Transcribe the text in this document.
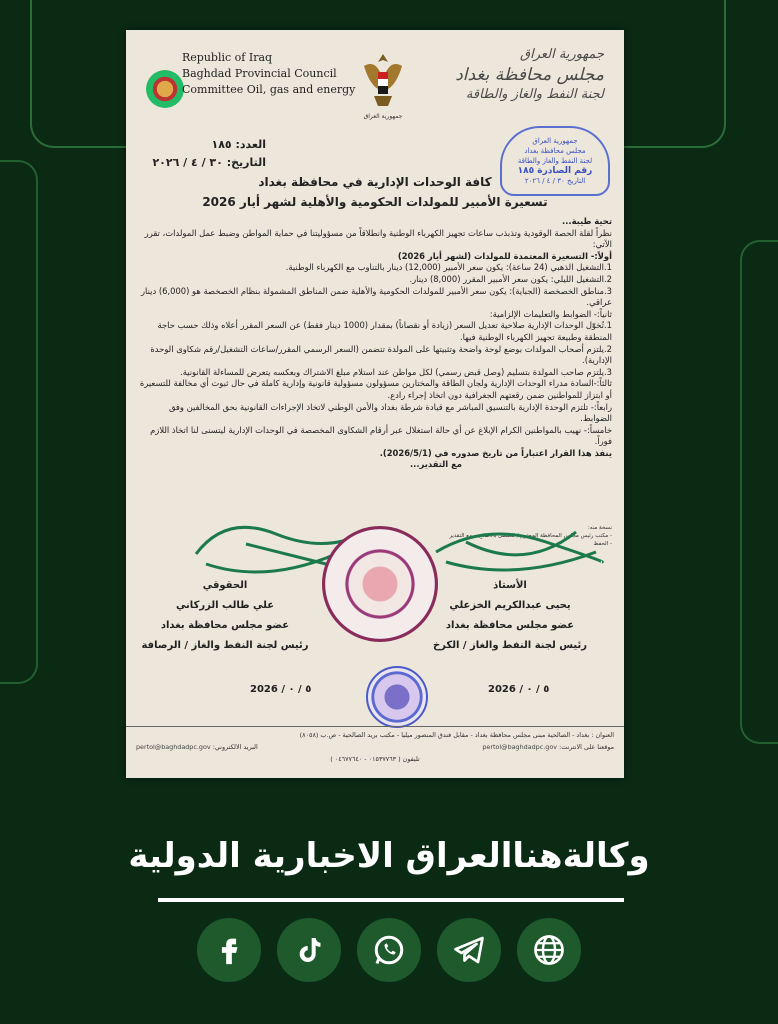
Republic of Iraq
Baghdad Provincial Council
Committee Oil, gas and energy
جمهورية العراق
جمهورية العراق
مجلس محافظة بغداد
لجنة النفط والغاز والطاقة
جمهورية العراق
مجلس محافظة بغداد
لجنة النفط والغاز والطاقة
رقم الصادرة ١٨٥
التاريخ ٣٠ / ٤ / ٢٠٢٦
العدد: ١٨٥
التاريخ: ٣٠ / ٤ / ٢٠٢٦
كافة الوحدات الإدارية في محافظة بغداد
تسعيرة الأمبير للمولدات الحكومية والأهلية لشهر أيار 2026

تحية طيبة...

نظراً لقلة الحصة الوقودية وتذبذب ساعات تجهيز الكهرباء الوطنية وانطلاقاً من مسؤوليتنا في حماية المواطن وضبط عمل المولدات، تقرر الآتي:

أولاً:- التسعيرة المعتمدة للمولدات (لشهر أيار 2026)

1.التشغيل الذهبي (24 ساعة): يكون سعر الأمبير (12,000) دينار بالتناوب مع الكهرباء الوطنية.

2.التشغيل الليلي: يكون سعر الأمبير المقرر (8,000) دينار.

3.مناطق الخصخصة (الجباية): يكون سعر الأمبير للمولدات الحكومية والأهلية ضمن المناطق المشمولة بنظام الخصخصة هو (6,000) دينار عراقي.

ثانياً:- الضوابط والتعليمات الإلزامية:

1.تُخوّل الوحدات الإدارية صلاحية تعديل السعر (زيادة أو نقصاناً) بمقدار (1000 دينار فقط) عن السعر المقرر أعلاه وذلك حسب حاجة المنطقة وطبيعة تجهيز الكهرباء الوطنية فيها.

2.يلتزم أصحاب المولدات بوضع لوحة واضحة وتثبيتها على المولدة تتضمن (السعر الرسمي المقرر/ساعات التشغيل/رقم شكاوى الوحدة الإدارية).

3.يلتزم صاحب المولدة بتسليم (وصل قبض رسمي) لكل مواطن عند استلام مبلغ الاشتراك وبعكسه يتعرض للمساءلة القانونية.

ثالثاً:-السادة مدراء الوحدات الإدارية ولجان الطاقة والمختارين مسؤولون مسؤولية قانونية وإدارية كاملة في حال ثبوت أي مخالفة للتسعيرة أو ابتزاز للمواطنين ضمن رقعتهم الجغرافية دون اتخاذ إجراء رادع.

رابعاً:- تلتزم الوحدة الإدارية بالتنسيق المباشر مع قيادة شرطة بغداد والأمن الوطني لاتخاذ الإجراءات القانونية بحق المخالفين وفق الضوابط.

خامساً:- نهيب بالمواطنين الكرام الإبلاغ عن أي حالة استغلال عبر أرقام الشكاوى المخصصة في الوحدات الإدارية ليتسنى لنا اتخاذ اللازم فوراً.

ينفذ هذا القرار اعتباراً من تاريخ صدوره في (2026/5/1).

مع التقدير...

نسخة منه:
- مكتب رئيس مجلس المحافظة المحترم / للتفضل بالاطلاع ...مع التقدير
- الحفظ
الأستاذ
يحيى عبدالكريم الخزعلي
عضو مجلس محافظة بغداد
رئيس لجنة النفط والغاز / الكرخ
الحقوقي
علي طالب الزركاني
عضو مجلس محافظة بغداد
رئيس لجنة النفط والغاز / الرصافة
2026 / ٥ / ٠	2026 / ٥ / ٠
العنوان : بغداد - الصالحية مبنى مجلس محافظة بغداد - مقابل فندق المنصور ميليا - مكتب بريد الصالحية - ص.ب (٨٠٥٨)
موقعنا على الانترنت: pertol@baghdadpc.gov
البريد الالكتروني: pertol@baghdadpc.gov
تليفون ( ٠١٥٣٧٧٦٣ - ٠٤٦٧٧٦٤٠ )
وكالةهناالعراق الاخبارية الدولية
